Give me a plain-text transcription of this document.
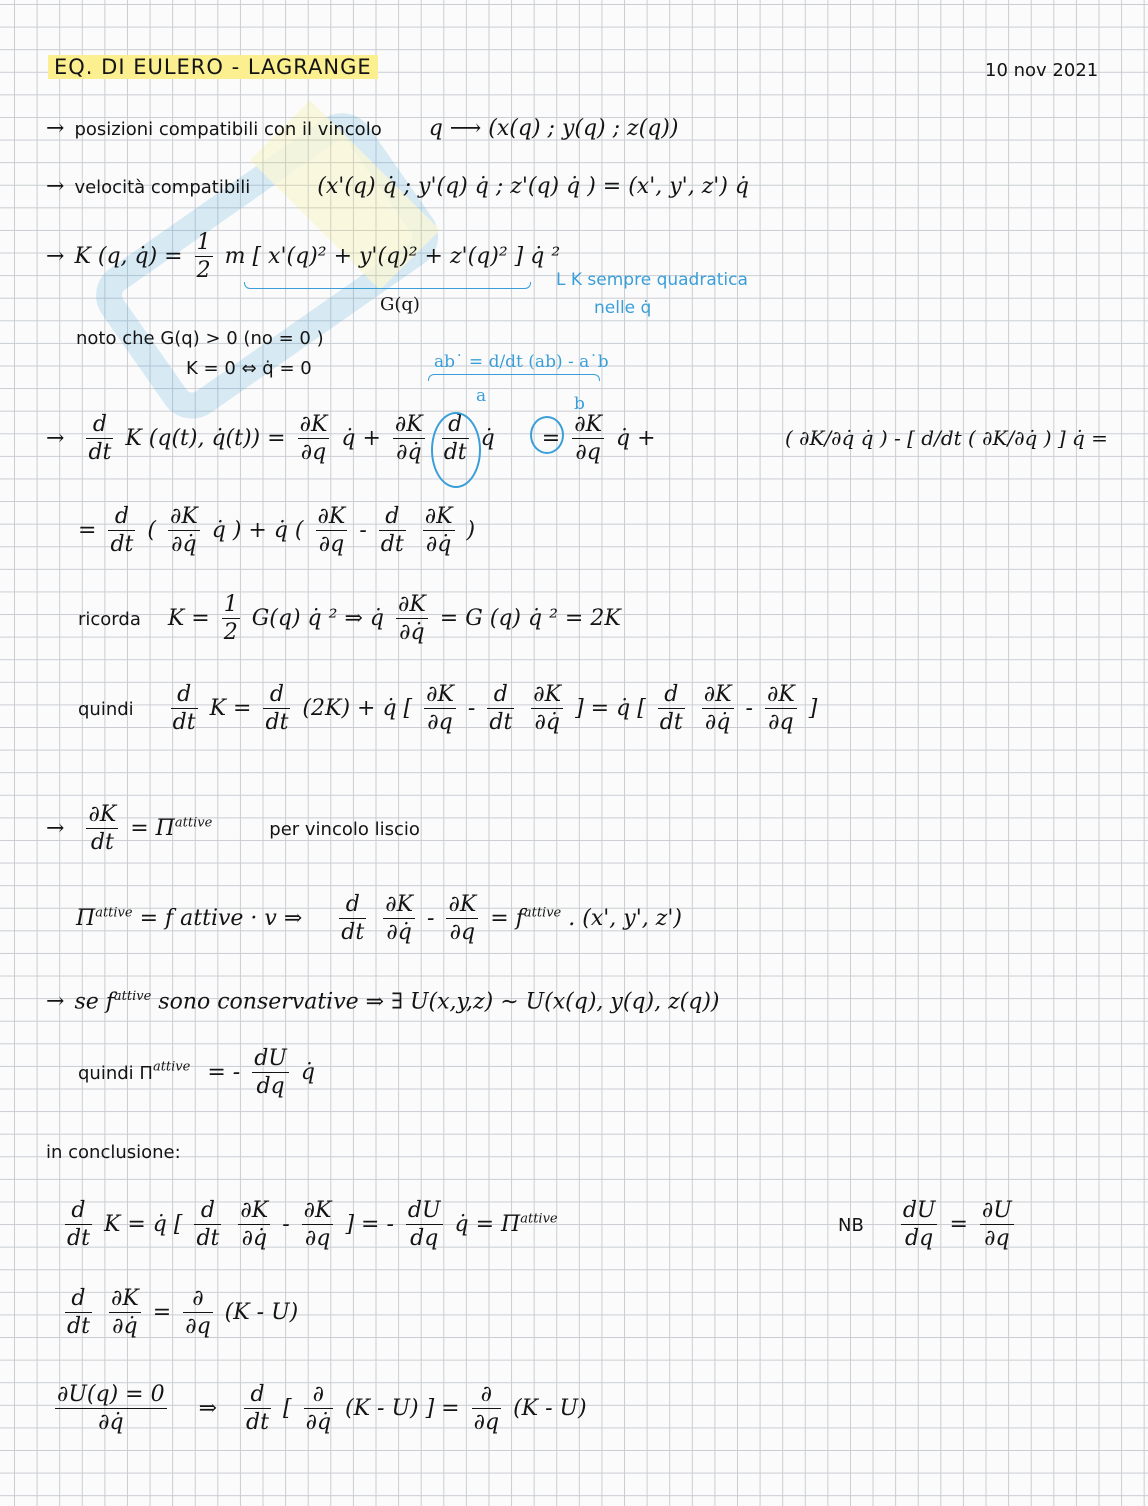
EQ. DI EULERO - LAGRANGE	10 nov 2021
→ posizioni compatibili con il vincolo q ⟶ (x(q) ; y(q) ; z(q))
→ velocità compatibili	(x'(q) q̇ ; y'(q) q̇ ; z'(q) q̇ ) = (x', y', z') q̇
→ K (q, q̇) = $\frac{1}{2}$ m [ x'(q)² + y'(q)² + z'(q)² ] q̇ ²
L K sempre quadratica
nelle q̇
G(q)
noto che G(q) > 0 (no = 0 )
K = 0 ⇔ q̇ = 0	ab˙ = d/dt (ab) - a˙b
a	b
→ $\frac{d}{dt}$ K (q(t), q̇(t)) = $\frac{\partial K}{\partial q}$ q̇ + $\frac{\partial K}{\partial q̇}$
$\frac{d}{dt}$ q̇ = $\frac{\partial K}{\partial q}$ q̇ +	( ∂K/∂q̇ q̇ ) - [ d/dt ( ∂K/∂q̇ ) ] q̇ =
= $\frac{d}{dt}$ ( $\frac{\partial K}{\partial q̇}$ q̇ ) + q̇ ( $\frac{\partial K}{\partial q} - \frac{d}{dt}$
$\frac{\partial K}{\partial q̇}$ )
ricorda $K = \frac{1}{2} G(q)$ q̇ ² ⇒ q̇ $\frac{\partial K}{\partial q̇} = G$ (q) q̇ ² = 2K
quindi $\frac{d}{dt}$ $K = \frac{d}{dt} (2K)$ + q̇ [ $\frac{\partial K}{\partial q} - \frac{d}{dt}$
$\frac{\partial K}{\partial q̇}$ ] = q̇ [ $\frac{d}{dt}$
$\frac{\partial K}{\partial q̇} - \frac{\partial K}{\partial q}$ ]
→ $\frac{\partial K}{dt} = \Pi^{attive}$	per vincolo liscio
$\Pi^{attive} = f$ attive · v ⇒ $\frac{d}{dt}$
$\frac{\partial K}{\partial q̇} - \frac{\partial K}{\partial q} = f^{attive}$ . (x', y', z')
→ se $f^{attive}$ sono conservative ⇒ ∃ U(x,y,z) ∼ U(x(q), y(q), z(q))
quindi $\Pi^{attive}$ = - $\frac{dU}{dq}$ q̇
in conclusione:
$\frac{d}{dt}$ K = q̇ [ $\frac{d}{dt}$
$\frac{\partial K}{\partial q̇} - \frac{\partial K}{\partial q}$ ] = - $\frac{dU}{dq}$ q̇ = $\Pi^{attive}$	NB $\frac{dU}{dq} = \frac{\partial U}{\partial q}$
$\frac{d}{dt}$
$\frac{\partial K}{\partial q̇} = \frac{\partial}{\partial q} (K - U)$
$\frac{\partial U(q) = 0}{\partial q̇}$ ⇒ $\frac{d}{dt}$ [ $\frac{\partial}{\partial q̇} (K - U)$ ] = $\frac{\partial}{\partial q} (K - U)$
